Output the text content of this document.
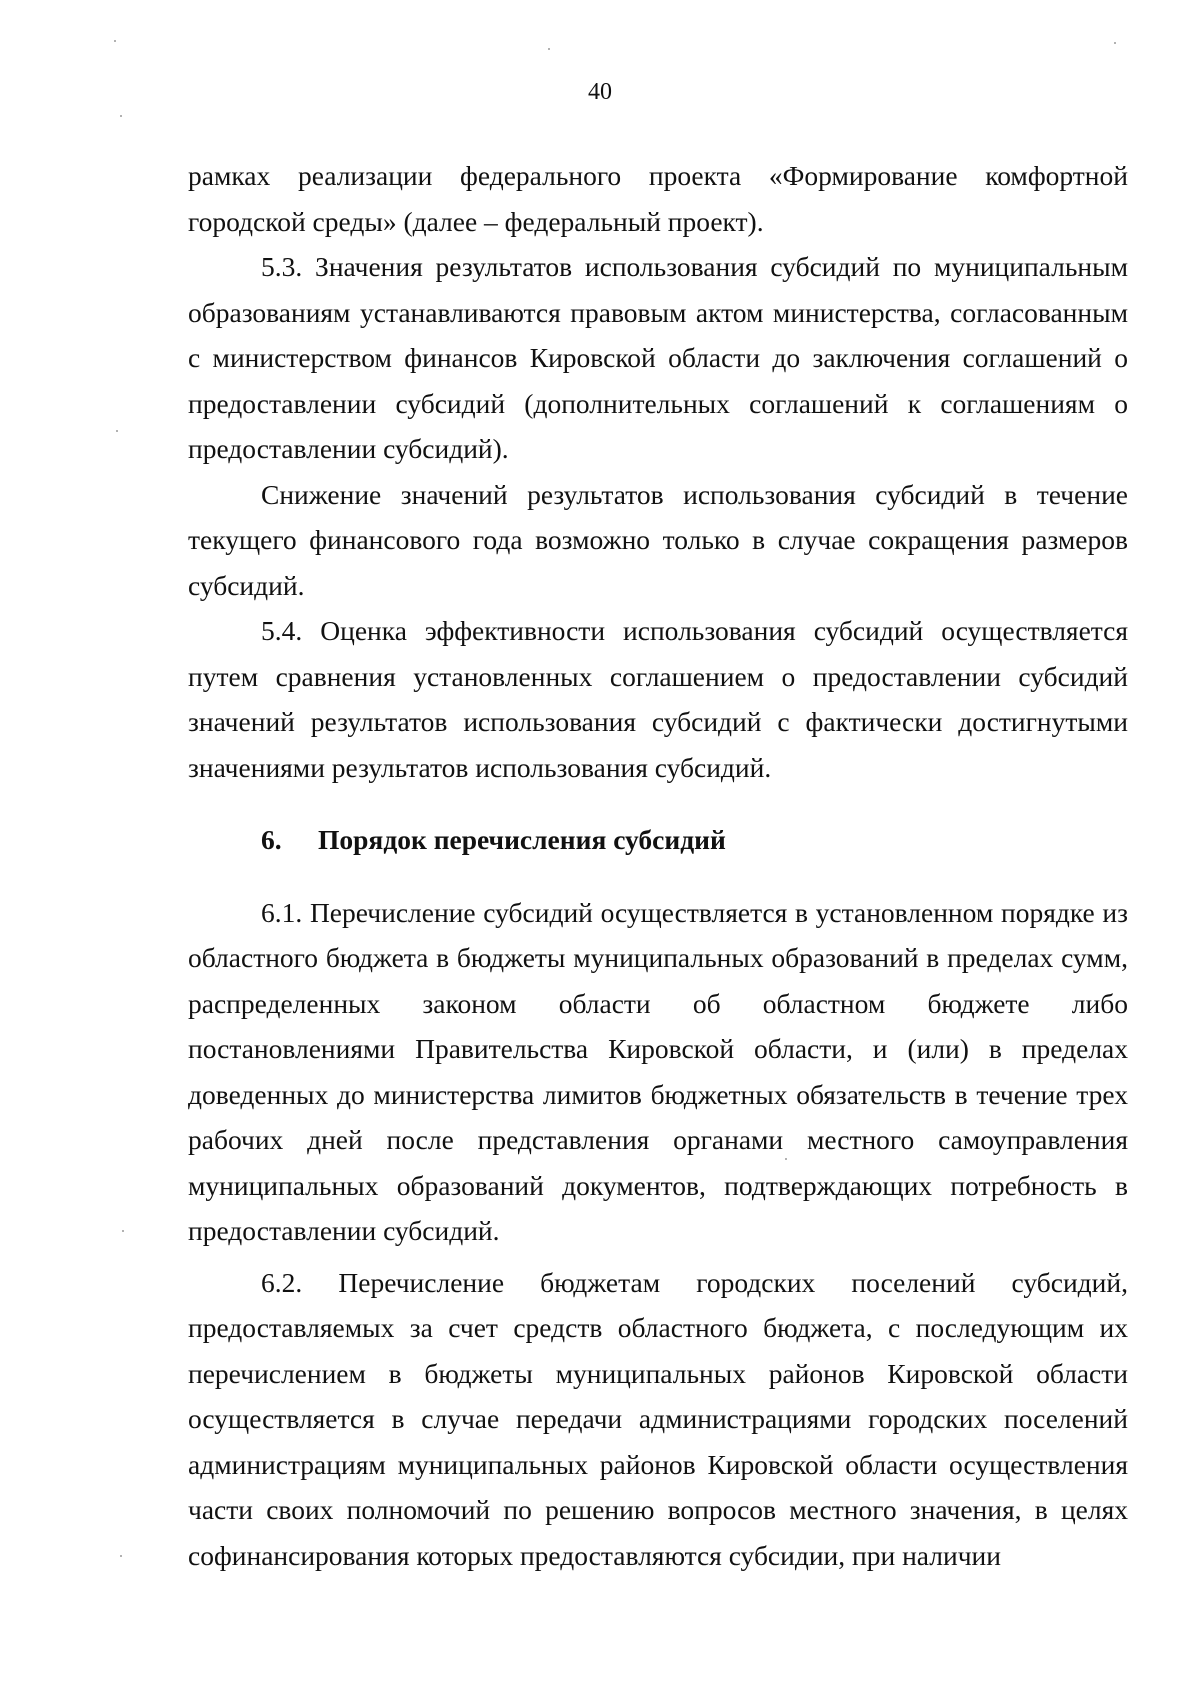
40

рамках реализации федерального проекта «Формирование комфортной городской среды» (далее – федеральный проект).

5.3. Значения результатов использования субсидий по муниципальным образованиям устанавливаются правовым актом министерства, согласованным с министерством финансов Кировской области до заключения соглашений о предоставлении субсидий (дополнительных соглашений к соглашениям о предоставлении субсидий).

Снижение значений результатов использования субсидий в течение текущего финансового года возможно только в случае сокращения размеров субсидий.

5.4. Оценка эффективности использования субсидий осуществляется путем сравнения установленных соглашением о предоставлении субсидий значений результатов использования субсидий с фактически достигнутыми значениями результатов использования субсидий.

6. Порядок перечисления субсидий

6.1. Перечисление субсидий осуществляется в установленном порядке из областного бюджета в бюджеты муниципальных образований в пределах сумм, распределенных законом области об областном бюджете либо постановлениями Правительства Кировской области, и (или) в пределах доведенных до министерства лимитов бюджетных обязательств в течение трех рабочих дней после представления органами местного самоуправления муниципальных образований документов, подтверждающих потребность в предоставлении субсидий.

6.2. Перечисление бюджетам городских поселений субсидий, предоставляемых за счет средств областного бюджета, с последующим их перечислением в бюджеты муниципальных районов Кировской области осуществляется в случае передачи администрациями городских поселений администрациям муниципальных районов Кировской области осуществления части своих полномочий по решению вопросов местного значения, в целях софинансирования которых предоставляются субсидии, при наличии
